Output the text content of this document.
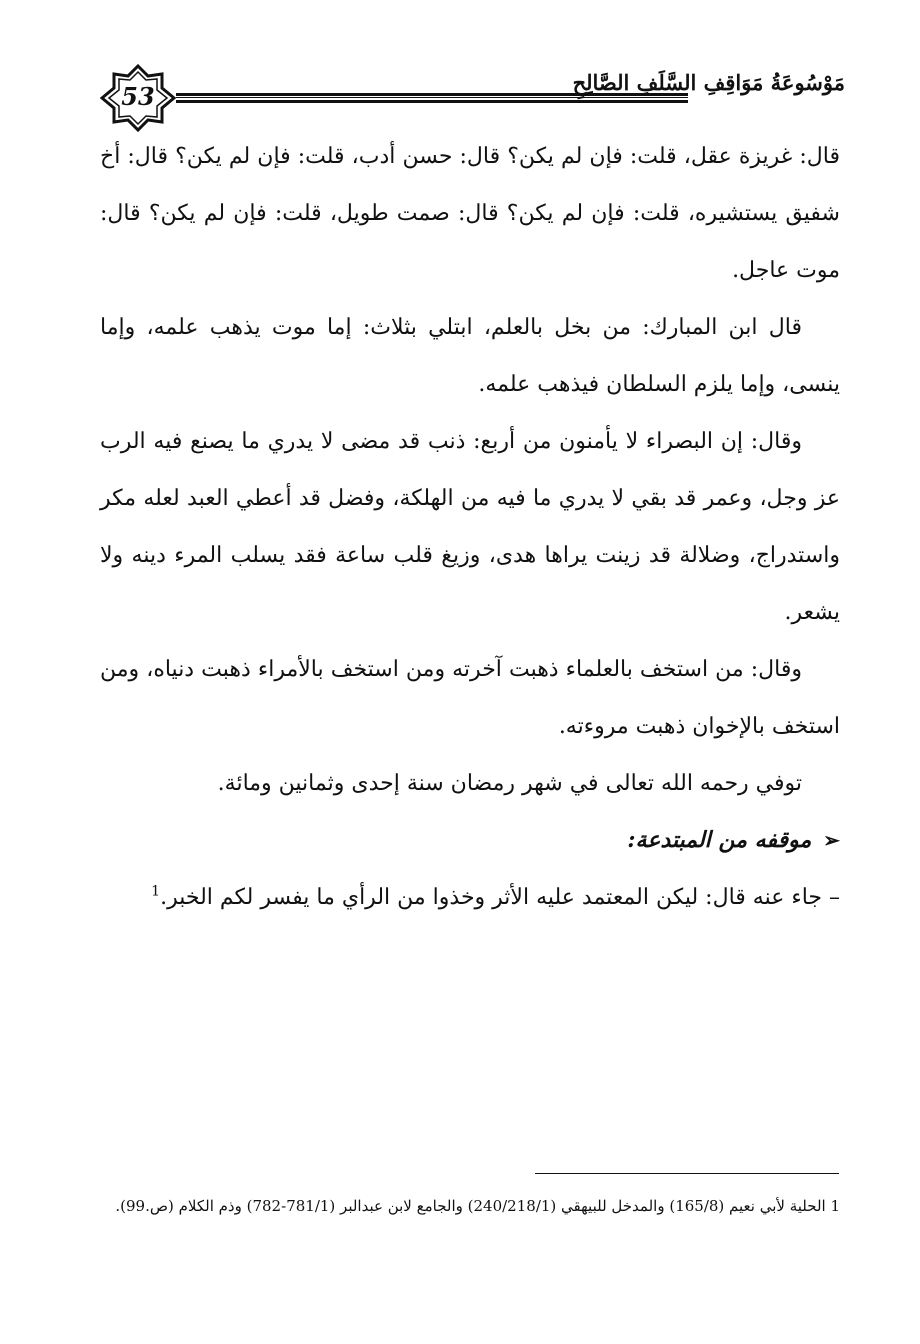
53	مَوْسُوعَةُ مَوَاقِفِ السَّلَفِ الصَّالِحِ

قال: غريزة عقل، قلت: فإن لم يكن؟ قال: حسن أدب، قلت: فإن لم يكن؟ قال: أخ شفيق يستشيره، قلت: فإن لم يكن؟ قال: صمت طويل، قلت: فإن لم يكن؟ قال: موت عاجل.

قال ابن المبارك: من بخل بالعلم، ابتلي بثلاث: إما موت يذهب علمه، وإما ينسى، وإما يلزم السلطان فيذهب علمه.

وقال: إن البصراء لا يأمنون من أربع: ذنب قد مضى لا يدري ما يصنع فيه الرب عز وجل، وعمر قد بقي لا يدري ما فيه من الهلكة، وفضل قد أعطي العبد لعله مكر واستدراج، وضلالة قد زينت يراها هدى، وزيغ قلب ساعة فقد يسلب المرء دينه ولا يشعر.

وقال: من استخف بالعلماء ذهبت آخرته ومن استخف بالأمراء ذهبت دنياه، ومن استخف بالإخوان ذهبت مروءته.

توفي رحمه الله تعالى في شهر رمضان سنة إحدى وثمانين ومائة.

➢موقفه من المبتدعة:

– جاء عنه قال: ليكن المعتمد عليه الأثر وخذوا من الرأي ما يفسر لكم الخبر.$^1$

1 الحلية لأبي نعيم (165/8) والمدخل للبيهقي (240/218/1) والجامع لابن عبدالبر (781/1-782) وذم الكلام (ص.99).
